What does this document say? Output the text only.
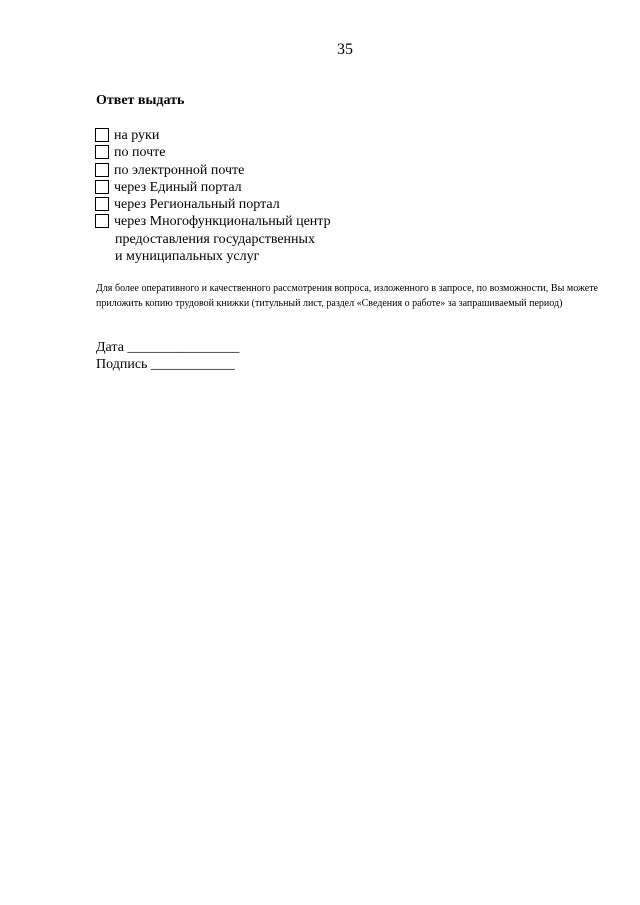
35
Ответ выдать
на руки
по почте
по электронной почте
через Единый портал
через Региональный портал
через Многофункциональный центр
предоставления государственных
и муниципальных услуг
Для более оперативного и качественного рассмотрения вопроса, изложенного в запросе, по возможности, Вы можете приложить копию трудовой книжки (титульный лист, раздел «Сведения о работе» за запрашиваемый период)
Дата ________________
Подпись ____________
